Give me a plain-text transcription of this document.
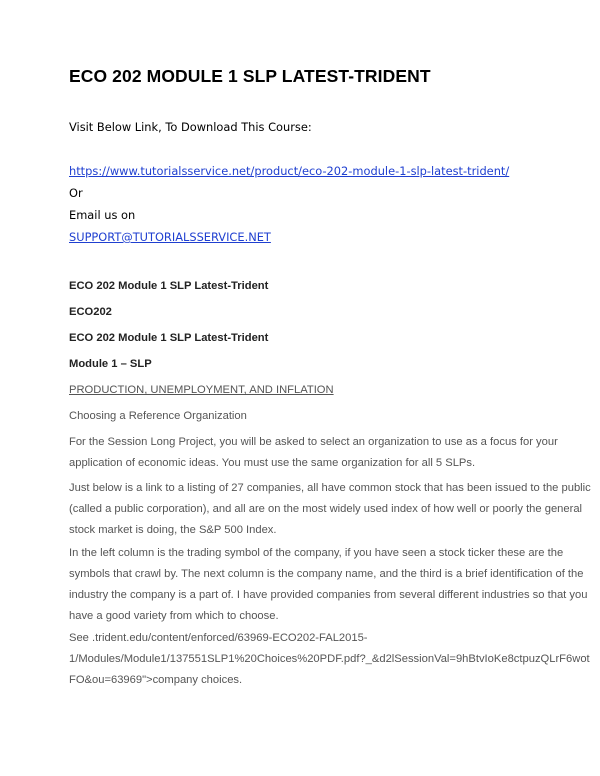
ECO 202 MODULE 1 SLP LATEST-TRIDENT
Visit Below Link, To Download This Course:
https://www.tutorialsservice.net/product/eco-202-module-1-slp-latest-trident/
Or
Email us on
SUPPORT@TUTORIALSSERVICE.NET
ECO 202 Module 1 SLP Latest-Trident
ECO202
ECO 202 Module 1 SLP Latest-Trident
Module 1 – SLP
PRODUCTION, UNEMPLOYMENT, AND INFLATION
Choosing a Reference Organization
For the Session Long Project, you will be asked to select an organization to use as a focus for your
application of economic ideas. You must use the same organization for all 5 SLPs.
Just below is a link to a listing of 27 companies, all have common stock that has been issued to the public
(called a public corporation), and all are on the most widely used index of how well or poorly the general
stock market is doing, the S&P 500 Index.
In the left column is the trading symbol of the company, if you have seen a stock ticker these are the
symbols that crawl by. The next column is the company name, and the third is a brief identification of the
industry the company is a part of. I have provided companies from several different industries so that you
have a good variety from which to choose.
See .trident.edu/content/enforced/63969-ECO202-FAL2015-
1/Modules/Module1/137551SLP1%20Choices%20PDF.pdf?_&d2lSessionVal=9hBtvIoKe8ctpuzQLrF6wot
FO&ou=63969">company choices.
